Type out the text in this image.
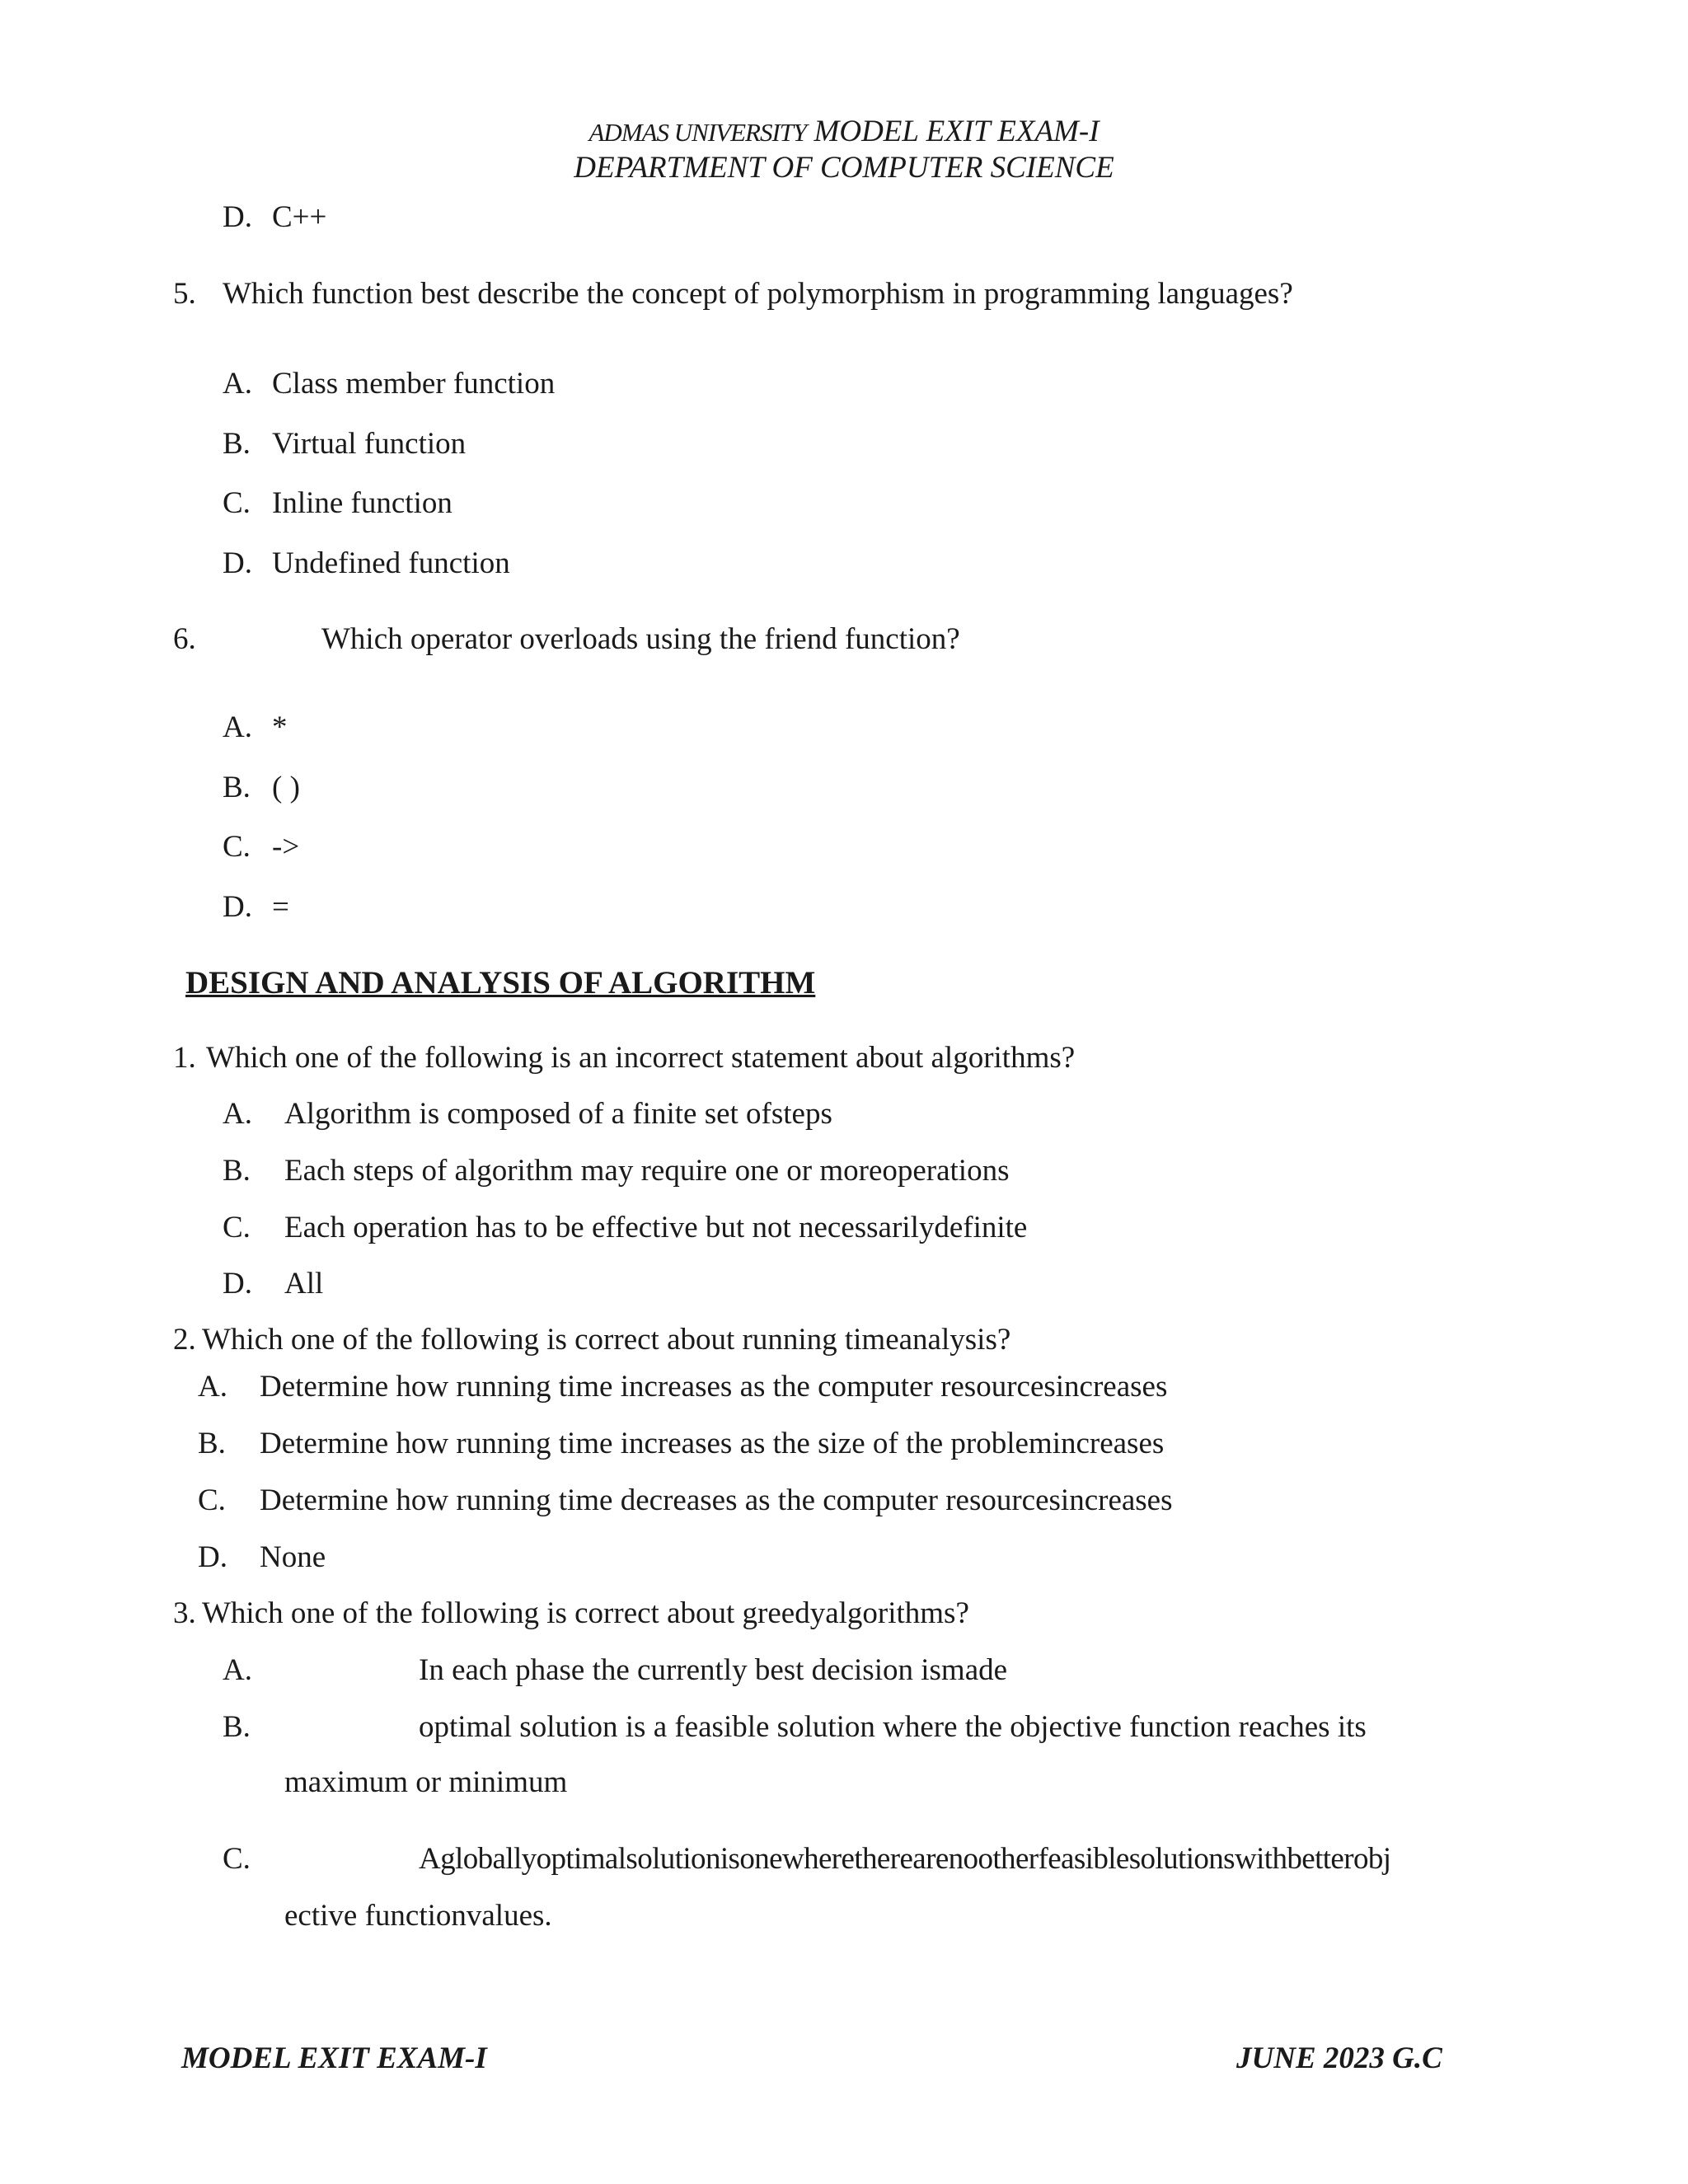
ADMAS UNIVERSITY MODEL EXIT EXAM-I
DEPARTMENT OF COMPUTER SCIENCE
D. C++
5. Which function best describe the concept of polymorphism in programming languages?
A. Class member function
B. Virtual function
C. Inline function
D. Undefined function
6.	Which operator overloads using the friend function?
A. *
B. ( )
C. ->
D. =
DESIGN AND ANALYSIS OF ALGORITHM
1. Which one of the following is an incorrect statement about algorithms?
A. Algorithm is composed of a finite set ofsteps
B. Each steps of algorithm may require one or moreoperations
C. Each operation has to be effective but not necessarilydefinite
D. All
2. Which one of the following is correct about running timeanalysis?
A. Determine how running time increases as the computer resourcesincreases
B. Determine how running time increases as the size of the problemincreases
C. Determine how running time decreases as the computer resourcesincreases
D. None
3. Which one of the following is correct about greedyalgorithms?
A.	In each phase the currently best decision ismade
B.	optimal solution is a feasible solution where the objective function reaches its
maximum or minimum
C.	Agloballyoptimalsolutionisonewheretherearenootherfeasiblesolutionswithbetterobj
ective functionvalues.
MODEL EXIT EXAM-I	JUNE 2023 G.C
